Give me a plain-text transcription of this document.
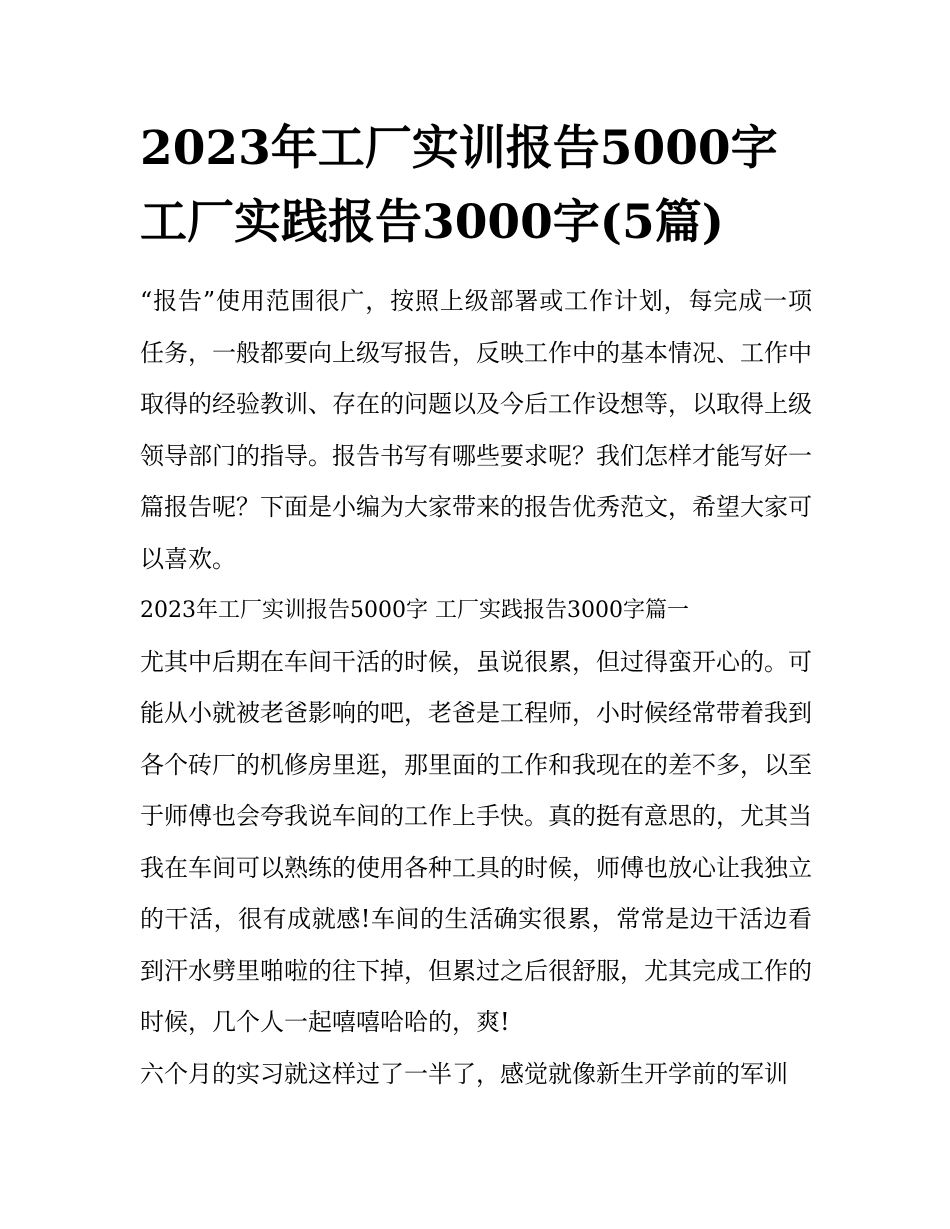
2023年工厂实训报告5000字
工厂实践报告3000字(5篇)

“报告”使用范围很广，按照上级部署或工作计划，每完成一项任务，一般都要向上级写报告，反映工作中的基本情况、工作中取得的经验教训、存在的问题以及今后工作设想等，以取得上级领导部门的指导。报告书写有哪些要求呢？我们怎样才能写好一篇报告呢？下面是小编为大家带来的报告优秀范文，希望大家可以喜欢。

2023年工厂实训报告5000字 工厂实践报告3000字篇一

尤其中后期在车间干活的时候，虽说很累，但过得蛮开心的。可能从小就被老爸影响的吧，老爸是工程师，小时候经常带着我到各个砖厂的机修房里逛，那里面的工作和我现在的差不多，以至于师傅也会夸我说车间的工作上手快。真的挺有意思的，尤其当我在车间可以熟练的使用各种工具的时候，师傅也放心让我独立的干活，很有成就感!车间的生活确实很累，常常是边干活边看到汗水劈里啪啦的往下掉，但累过之后很舒服，尤其完成工作的时候，几个人一起嘻嘻哈哈的，爽!

六个月的实习就这样过了一半了，感觉就像新生开学前的军训
